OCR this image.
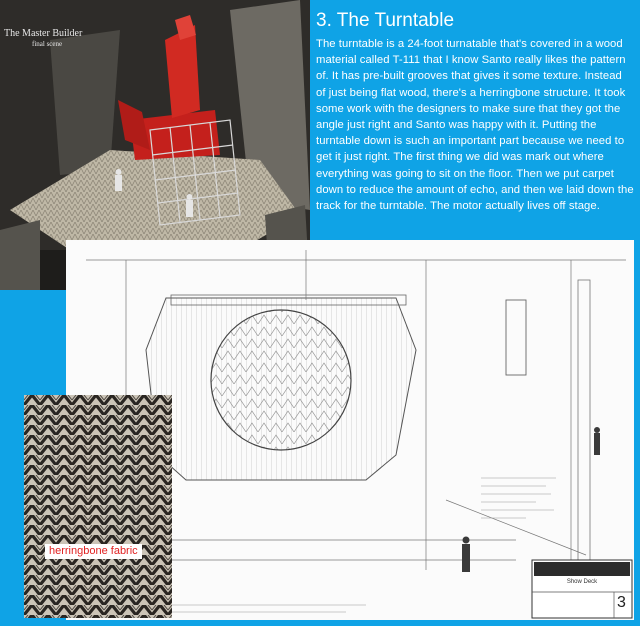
The Master Builder
final scene
3. The Turntable
The turntable is a 24-foot turnatable that's covered in a wood material called T-111 that I know Santo really likes the pattern of. It has pre-built grooves that gives it some texture. Instead of just being flat wood, there's a herringbone structure. It took some work with the designers to make sure that they got the angle just right and Santo was happy with it. Putting the turntable down is such an important part because we need to get it just right. The first thing we did was mark out where everything was going to sit on the floor. Then we put carpet down to reduce the amount of echo, and then we laid down the track for the turntable. The motor actually lives off stage.
Show Deck
3
herringbone fabric
